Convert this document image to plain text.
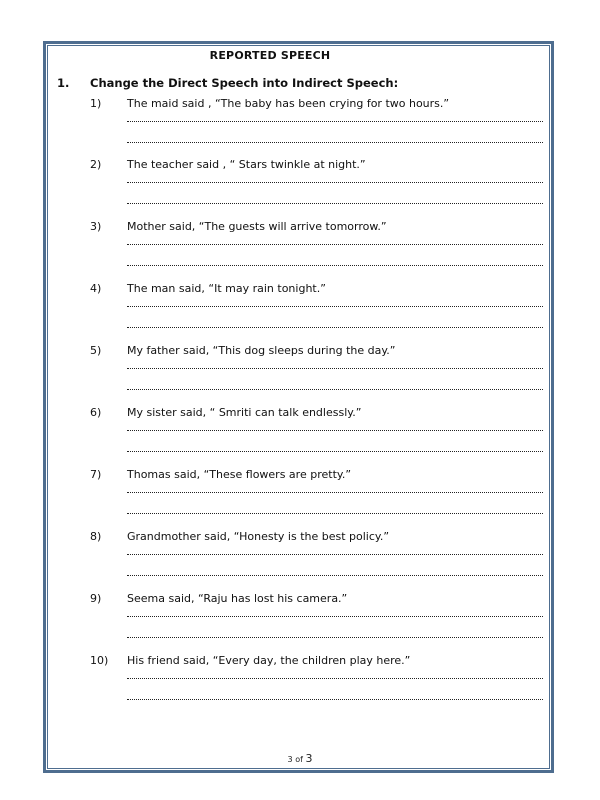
REPORTED SPEECH
1. Change the Direct Speech into Indirect Speech:
1) The maid said , “The baby has been crying for two hours.”
2) The teacher said , “ Stars twinkle at night.”
3) Mother said, “The guests will arrive tomorrow.”
4) The man said, “It may rain tonight.”
5) My father said, “This dog sleeps during the day.”
6) My sister said, “ Smriti can talk endlessly.”
7) Thomas said, “These flowers are pretty.”
8) Grandmother said, “Honesty is the best policy.”
9) Seema said, “Raju has lost his camera.”
10) His friend said, “Every day, the children play here.”
3 of 3
